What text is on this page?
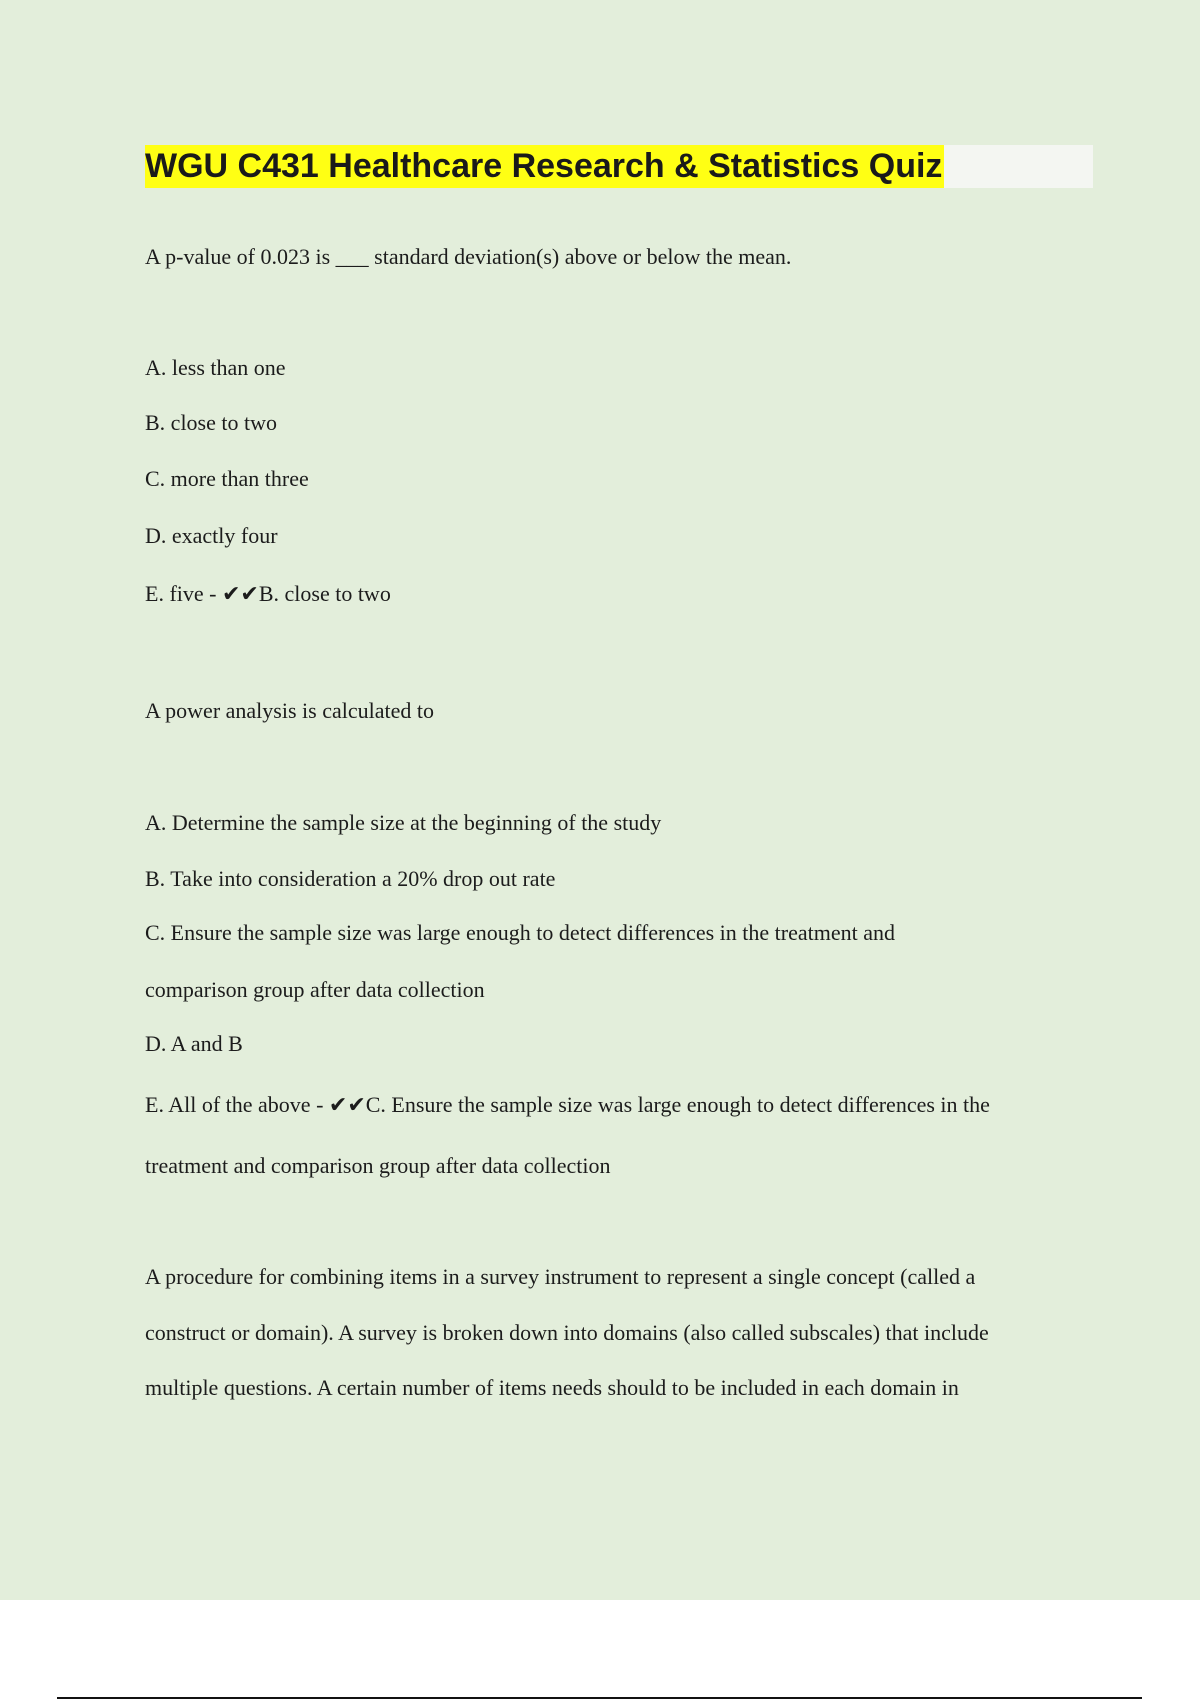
WGU C431 Healthcare Research & Statistics Quiz
A p-value of 0.023 is ___ standard deviation(s) above or below the mean.
A. less than one
B. close to two
C. more than three
D. exactly four
E. five - ✔✔B. close to two
A power analysis is calculated to
A. Determine the sample size at the beginning of the study
B. Take into consideration a 20% drop out rate
C. Ensure the sample size was large enough to detect differences in the treatment and
comparison group after data collection
D. A and B
E. All of the above - ✔✔C. Ensure the sample size was large enough to detect differences in the
treatment and comparison group after data collection
A procedure for combining items in a survey instrument to represent a single concept (called a
construct or domain). A survey is broken down into domains (also called subscales) that include
multiple questions. A certain number of items needs should to be included in each domain in
